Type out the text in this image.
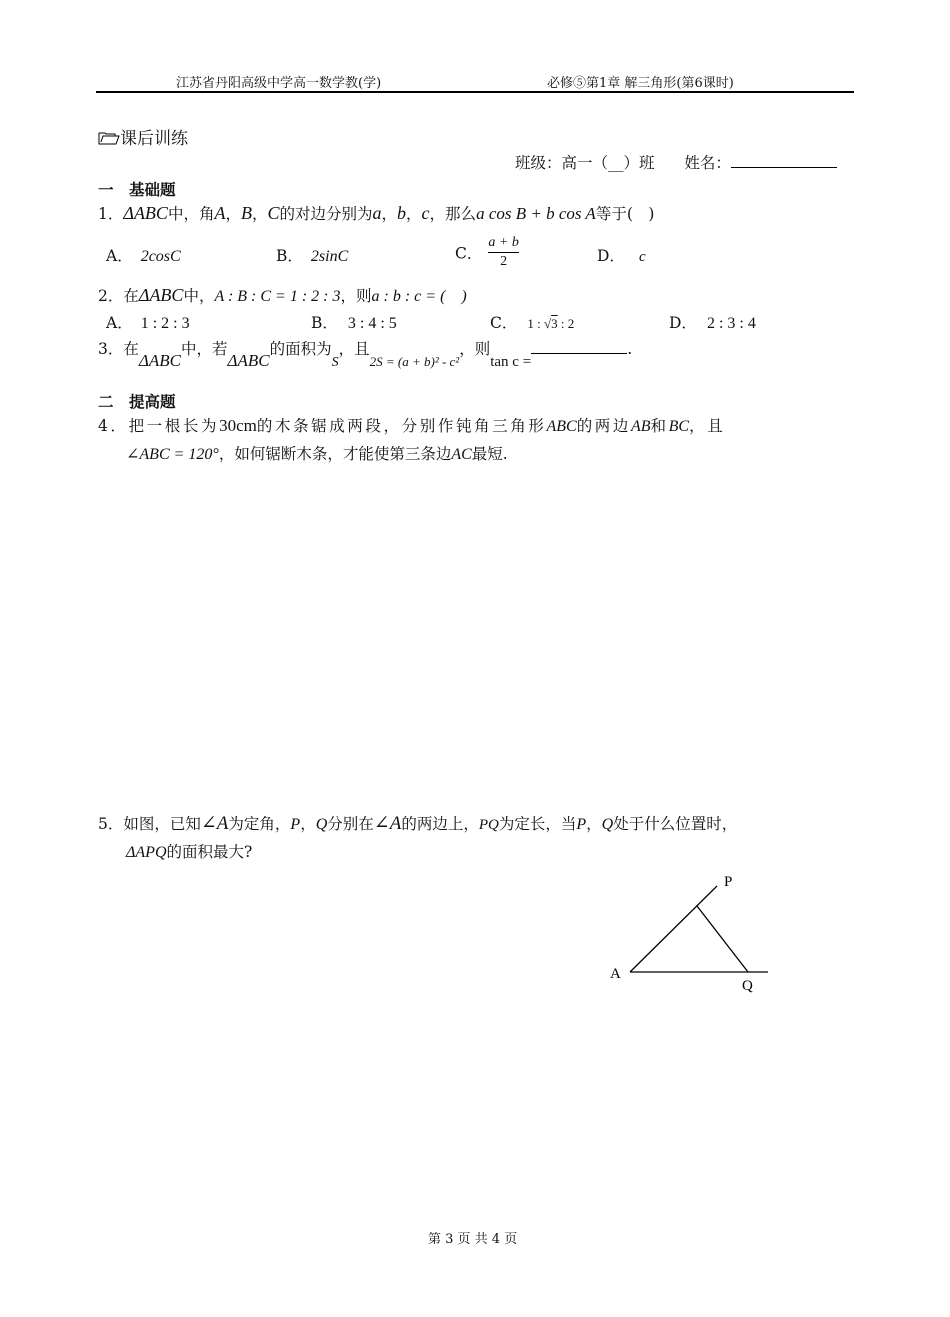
江苏省丹阳高级中学高一数学教(学)	必修⑤第1章 解三角形(第6课时)
课后训练
班级：高一（__）班 姓名：
一　基础题
1．ΔABC中，角A，B，C的对边分别为a，b，c，那么a cos B + b cos A等于(　)
A． 2cosC	B． 2sinC	C． $\frac{a + b}{2}$	D． c
2．在ΔABC中，A : B : C = 1 : 2 : 3，则a : b : c = (　)
A． 1 : 2 : 3	B． 3 : 4 : 5	C． 1 : √3 : 2	D． 2 : 3 : 4
3．在ΔABC中，若ΔABC的面积为S，且$_{2S = (a + b)^2 - c^2}$，则tan c =.
二　提高题
4．把一根长为30cm的木条锯成两段，分别作钝角三角形ABC的两边AB和BC，且
∠ABC = 120°，如何锯断木条，才能使第三条边AC最短.
5．如图，已知∠A为定角，P，Q分别在∠A的两边上，PQ为定长，当P，Q处于什么位置时，
ΔAPQ的面积最大?
P
A
Q
第 3 页 共 4 页
